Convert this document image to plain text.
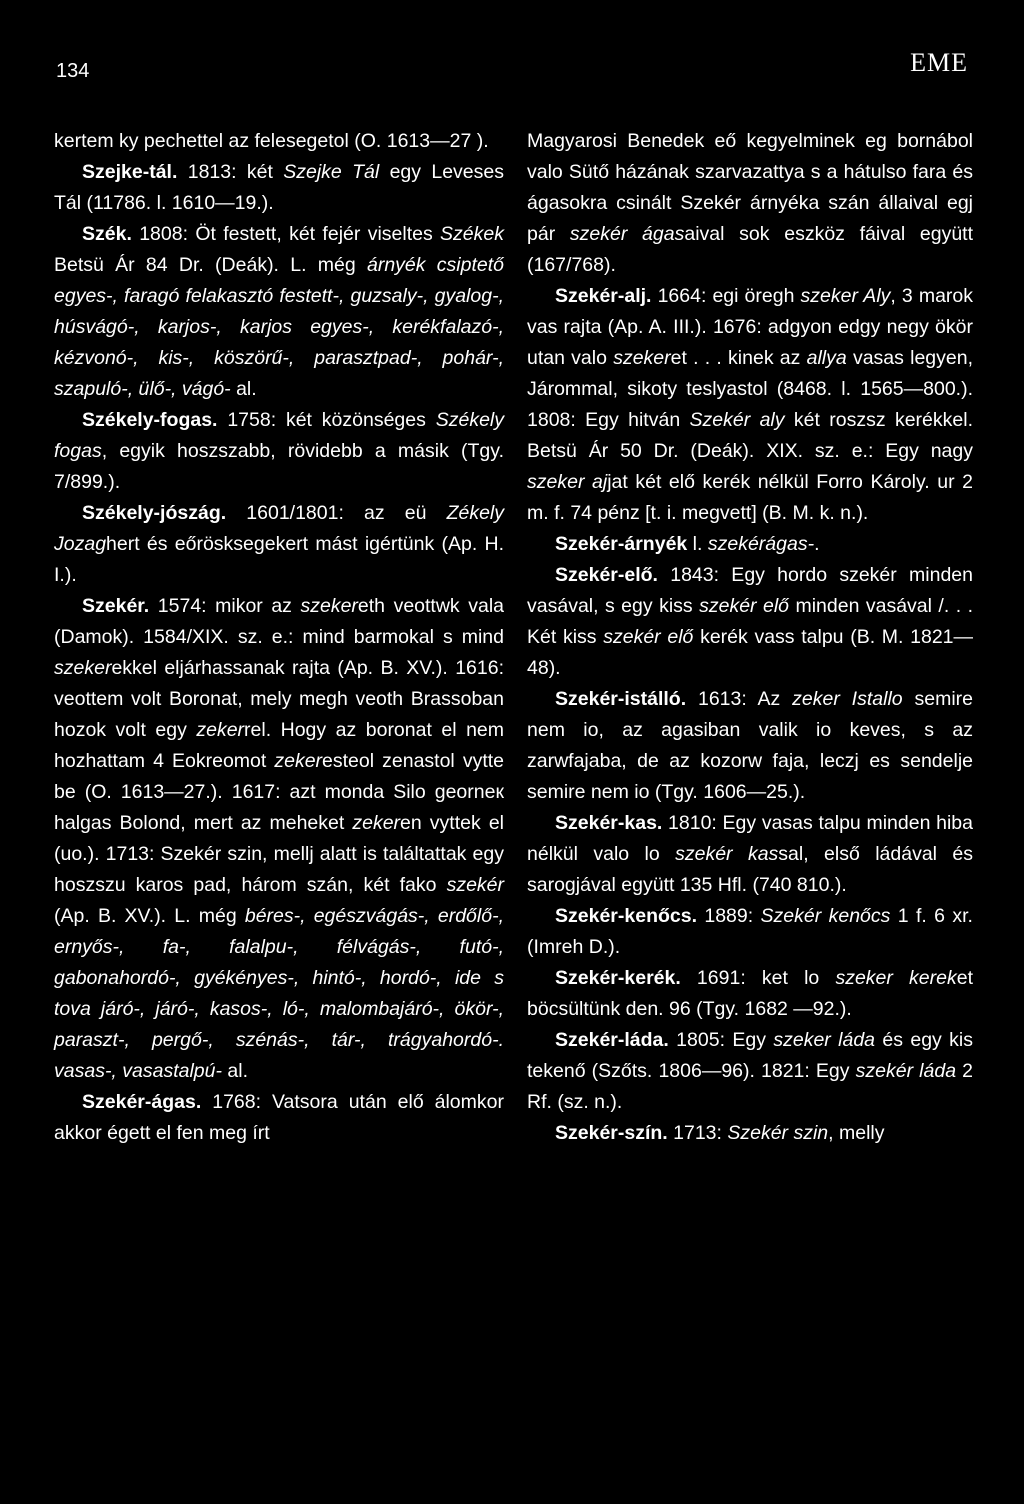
134	EME

kertem ky pechettel az felesegetol (O. 1613—27 ).

Szejke-tál. 1813: két Szejke Tál egy Leveses Tál (11786. l. 1610—19.).

Szék. 1808: Öt festett, két fejér viseltes Székek Betsü Ár 84 Dr. (Deák). L. még árnyék csiptető egyes-, faragó felakasztó festett-, guzsaly-, gyalog-, húsvágó-, karjos-, karjos egyes-, kerékfalazó-, kézvonó-, kis-, köszörű-, parasztpad-, pohár-, szapuló-, ülő-, vágó- al.

Székely-fogas. 1758: két közönséges Székely fogas, egyik hoszszabb, rövidebb a másik (Tgy. 7/899.).

Székely-jószág. 1601/1801: az eü Zékely Jozaghert és eőrösksegekert mást igértünk (Ap. H. I.).

Szekér. 1574: mikor az szekereth veottwk vala (Damok). 1584/XIX. sz. e.: mind barmokal s mind szekerekkel eljárhassanak rajta (Ap. B. XV.). 1616: veottem volt Boronat, mely megh veoth Brassoban hozok volt egy zekerrel. Hogy az boronat el nem hozhattam 4 Eokreomot zekeresteol zenastol vytte be (O. 1613—27.). 1617: azt monda Silo georneк halgas Bolond, mert az meheket zekeren vyttek el (uo.). 1713: Szekér szin, mellj alatt is találtattak egy hoszszu karos pad, három szán, két fako szekér (Ap. B. XV.). L. még béres-, egészvágás-, erdőlő-, ernyős-, fa-, falalpu-, félvágás-, futó-, gabonahordó-, gyékényes-, hintó-, hordó-, ide s tova járó-, járó-, kasos-, ló-, malombajáró-, ökör-, paraszt-, pergő-, szénás-, tár-, trágyahordó-. vasas-, vasastalpú- al.

Szekér-ágas. 1768: Vatsora után elő álomkor akkor égett el fen meg írt

Magyarosi Benedek eő kegyelminek eg bornábol valo Sütő házának szarvazattya s a hátulso fara és ágasokra csinált Szekér árnyéka szán állaival egj pár szekér ágasaival sok eszköz fáival együtt (167/768).

Szekér-alj. 1664: egi öregh szeker Aly, 3 marok vas rajta (Ap. A. III.). 1676: adgyon edgy negy ökör utan valo szekeret . . . kinek az allya vasas legyen, Járommal, sikoty teslyastol (8468. l. 1565—800.). 1808: Egy hitván Szekér aly két roszsz kerékkel. Betsü Ár 50 Dr. (Deák). XIX. sz. e.: Egy nagy szeker ajjat két elő kerék nélkül Forro Károly. ur 2 m. f. 74 pénz [t. i. megvett] (B. M. k. n.).

Szekér-árnyék l. szekérágas-.

Szekér-elő. 1843: Egy hordo szekér minden vasával, s egy kiss szekér elő minden vasával /. . . Két kiss szekér elő kerék vass talpu (B. M. 1821—48).

Szekér-istálló. 1613: Az zeker Istallo semire nem io, az agasiban valik io keves, s az zarwfajaba, de az kozorw faja, leczj es sendelje semire nem io (Tgy. 1606—25.).

Szekér-kas. 1810: Egy vasas talpu minden hiba nélkül valo lo szekér kassal, első ládával és sarogjával együtt 135 Hfl. (740 810.).

Szekér-kenőcs. 1889: Szekér kenőcs 1 f. 6 xr. (Imreh D.).

Szekér-kerék. 1691: ket lo szeker kereket böcsültünk den. 96 (Tgy. 1682 —92.).

Szekér-láda. 1805: Egy szeker láda és egy kis tekenő (Szőts. 1806—96). 1821: Egy szekér láda 2 Rf. (sz. n.).

Szekér-szín. 1713: Szekér szin, melly
